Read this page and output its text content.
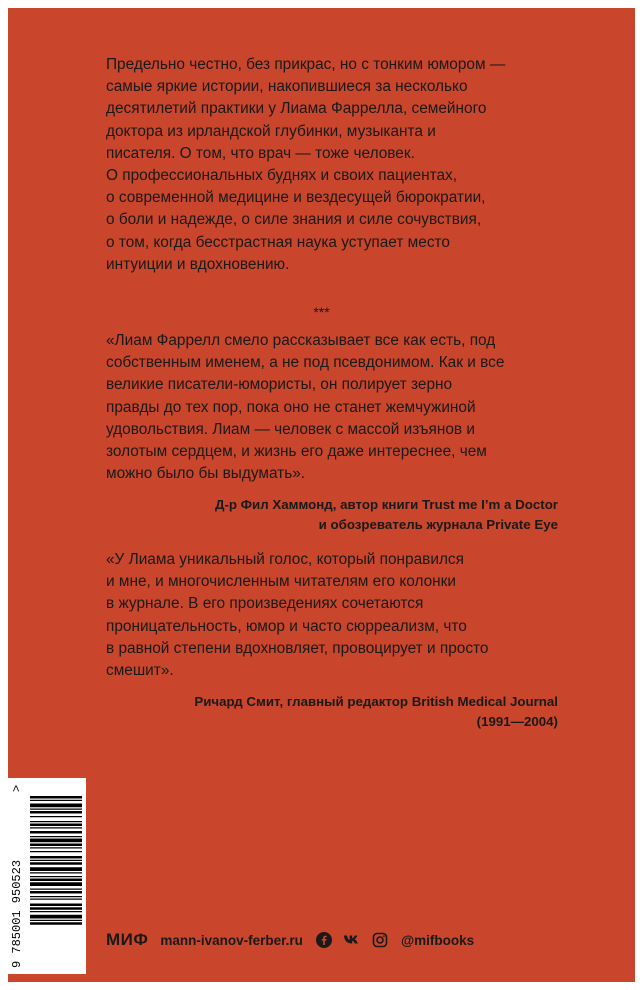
Предельно честно, без прикрас, но с тонким юмором —
самые яркие истории, накопившиеся за несколько
десятилетий практики у Лиама Фаррелла, семейного
доктора из ирландской глубинки, музыканта и
писателя. О том, что врач — тоже человек.
О профессиональных буднях и своих пациентах,
о современной медицине и вездесущей бюрократии,
о боли и надежде, о силе знания и силе сочувствия,
о том, когда бесстрастная наука уступает место
интуиции и вдохновению.

***

«Лиам Фаррелл смело рассказывает все как есть, под
собственным именем, а не под псевдонимом. Как и все
великие писатели-юмористы, он полирует зерно
правды до тех пор, пока оно не станет жемчужиной
удовольствия. Лиам — человек с массой изъянов и
золотым сердцем, и жизнь его даже интереснее, чем
можно было бы выдумать».

Д-р Фил Хаммонд, автор книги Trust me I’m a Doctor
и обозреватель журнала Private Eye

«У Лиама уникальный голос, который понравился
и мне, и многочисленным читателям его колонки
в журнале. В его произведениях сочетаются
проницательность, юмор и часто сюрреализм, что
в равной степени вдохновляет, провоцирует и просто
смешит».

Ричард Смит, главный редактор British Medical Journal
(1991—2004)

9 785001 950523
>
МИФ mann-ivanov-ferber.ru	@mifbooks
